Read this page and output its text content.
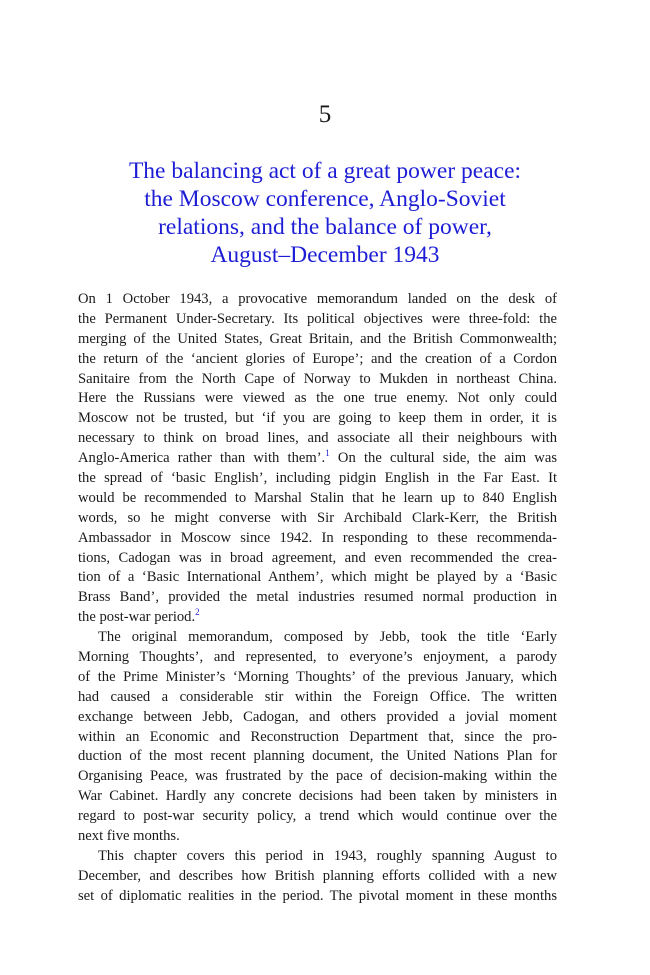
5
The balancing act of a great power peace:
the Moscow conference, Anglo-Soviet
relations, and the balance of power,
August–December 1943
On 1 October 1943, a provocative memorandum landed on the desk of
the Permanent Under-Secretary. Its political objectives were three-fold: the
merging of the United States, Great Britain, and the British Commonwealth;
the return of the ‘ancient glories of Europe’; and the creation of a Cordon
Sanitaire from the North Cape of Norway to Mukden in northeast China.
Here the Russians were viewed as the one true enemy. Not only could
Moscow not be trusted, but ‘if you are going to keep them in order, it is
necessary to think on broad lines, and associate all their neighbours with
Anglo-America rather than with them’.$^1$ On the cultural side, the aim was
the spread of ‘basic English’, including pidgin English in the Far East. It
would be recommended to Marshal Stalin that he learn up to 840 English
words, so he might converse with Sir Archibald Clark-Kerr, the British
Ambassador in Moscow since 1942. In responding to these recommenda-
tions, Cadogan was in broad agreement, and even recommended the crea-
tion of a ‘Basic International Anthem’, which might be played by a ‘Basic
Brass Band’, provided the metal industries resumed normal production in
the post-war period.$^2$
The original memorandum, composed by Jebb, took the title ‘Early
Morning Thoughts’, and represented, to everyone’s enjoyment, a parody
of the Prime Minister’s ‘Morning Thoughts’ of the previous January, which
had caused a considerable stir within the Foreign Office. The written
exchange between Jebb, Cadogan, and others provided a jovial moment
within an Economic and Reconstruction Department that, since the pro-
duction of the most recent planning document, the United Nations Plan for
Organising Peace, was frustrated by the pace of decision-making within the
War Cabinet. Hardly any concrete decisions had been taken by ministers in
regard to post-war security policy, a trend which would continue over the
next five months.
This chapter covers this period in 1943, roughly spanning August to
December, and describes how British planning efforts collided with a new
set of diplomatic realities in the period. The pivotal moment in these months
